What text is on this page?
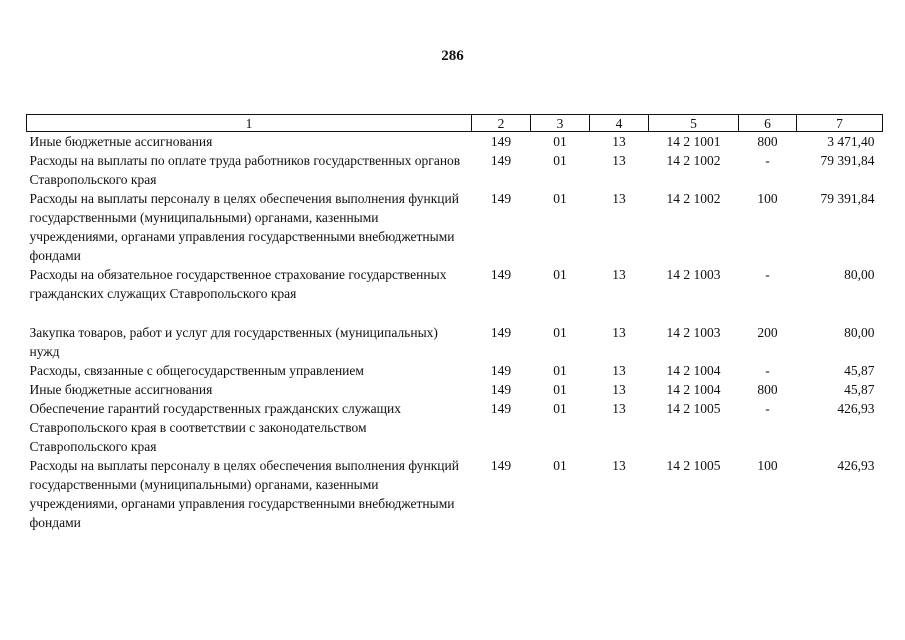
286
1	2	3	4	5	6	7
Иные бюджетные ассигнования	149	01	13	14 2 1001	800	3 471,40
Расходы на выплаты по оплате труда работников государственных органов Ставропольского края	149	01	13	14 2 1002	-	79 391,84
Расходы на выплаты персоналу в целях обеспечения выполнения функций государственными (муниципальными) органами, казенными учреждениями, органами управления государственными внебюджетными фондами	149	01	13	14 2 1002	100	79 391,84
Расходы на обязательное государственное страхование государственных гражданских служащих Ставропольского края	149	01	13	14 2 1003	-	80,00

Закупка товаров, работ и услуг для государственных (муниципальных) нужд	149	01	13	14 2 1003	200	80,00
Расходы, связанные с общегосударственным управлением	149	01	13	14 2 1004	-	45,87
Иные бюджетные ассигнования	149	01	13	14 2 1004	800	45,87
Обеспечение гарантий государственных гражданских служащих Ставропольского края в соответствии с законодательством Ставропольского края	149	01	13	14 2 1005	-	426,93
Расходы на выплаты персоналу в целях обеспечения выполнения функций государственными (муниципальными) органами, казенными учреждениями, органами управления государственными внебюджетными фондами	149	01	13	14 2 1005	100	426,93
